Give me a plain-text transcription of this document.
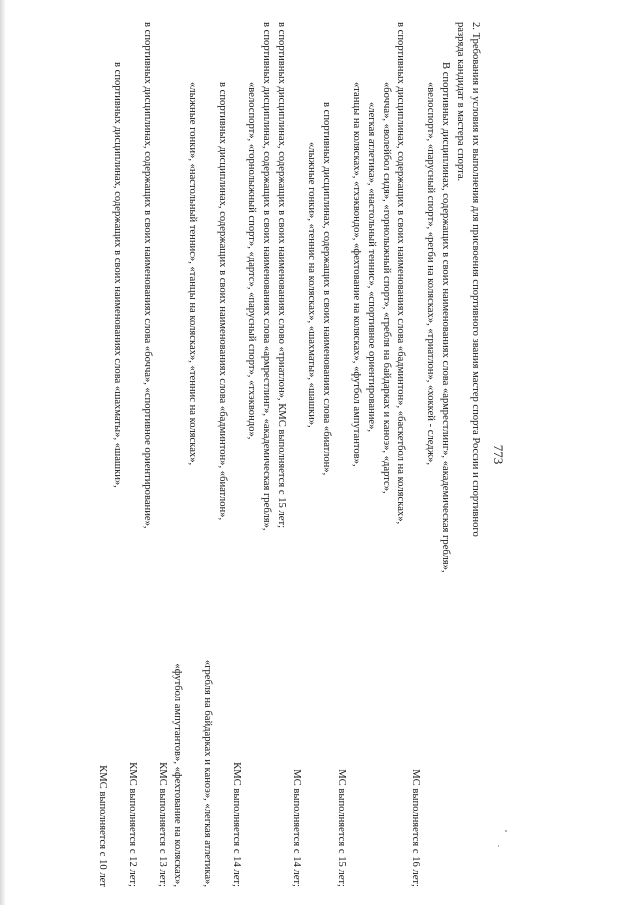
773
2. Требования и условия их выполнения для присвоения спортивного звания мастер спорта России и спортивного
разряда кандидат в мастера спорта.
В спортивных дисциплинах, содержащих в своих наименованиях слова «армрестлинг», «академическая гребля»,
«велоспорт», «парусный спорт», «регби на колясках», «триатлон», «хоккей - следж»,
МС выполняется с 16 лет;
в спортивных дисциплинах, содержащих в своих наименованиях слова «бадминтон», «баскетбол на колясках»,
«бочча», «волейбол сидя», «горнолыжный спорт», «гребля на байдарках и каноэ», «дартс»,
«легкая атлетика», «настольный теннис», «спортивное ориентирование»,
«танцы на колясках», «тхэквондо», «фехтование на колясках», «футбол ампутантов»,
МС выполняется с 15 лет;
в спортивных дисциплинах, содержащих в своих наименованиях слова «биатлон»,
«лыжные гонки», «теннис на колясках», «шахматы», «шашки»,
МС выполняется с 14 лет;
в спортивных дисциплинах, содержащих в своих наименованиях слово «триатлон», КМС выполняется с 15 лет;
в спортивных дисциплинах, содержащих в своих наименованиях слова «армрестлинг», «академическая гребля»,
«велоспорт», «горнолыжный спорт», «дартс», «парусный спорт», «тхэквондо»,
КМС выполняется с 14 лет;
в спортивных дисциплинах, содержащих в своих наименованиях слова «бадминтон», «биатлон»,
«гребля на байдарках и каноэ», «легкая атлетика»,
«лыжные гонки», «настольный теннис», «танцы на колясках», «теннис на колясках»,
«футбол ампутантов», «фехтование на колясках»,
КМС выполняется с 13 лет;
в спортивных дисциплинах, содержащих в своих наименованиях слова «бочча», «спортивное ориентирование»,
КМС выполняется с 12 лет;
в спортивных дисциплинах, содержащих в своих наименованиях слова «шахматы», «шашки»,
КМС выполняется с 10 лет
